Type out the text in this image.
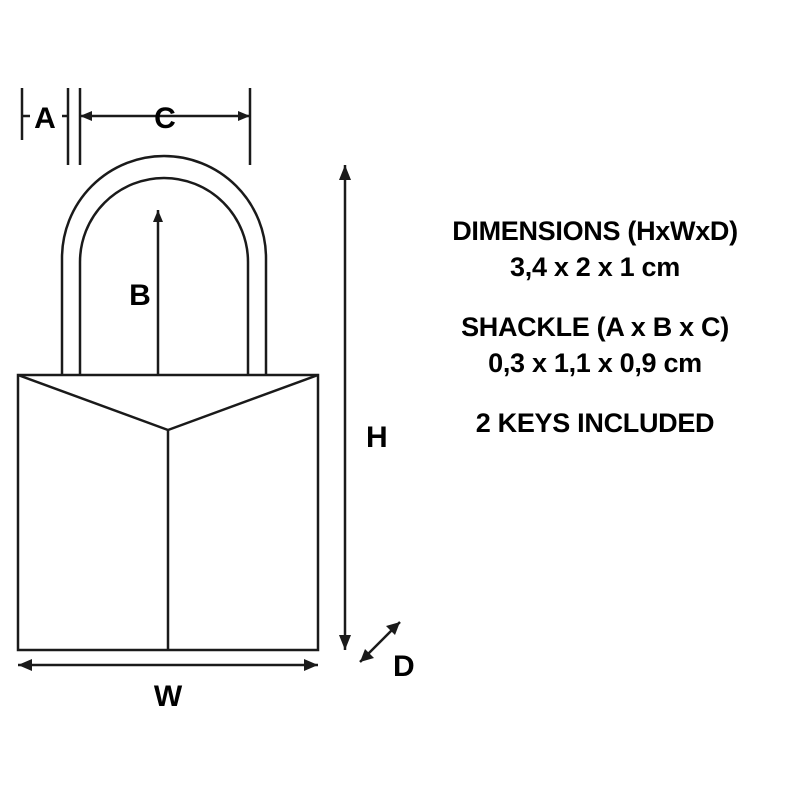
A	C
B
H
W
D
DIMENSIONS (HxWxD)
3,4 x 2 x 1 cm
SHACKLE (A x B x C)
0,3 x 1,1 x 0,9 cm
2 KEYS INCLUDED
